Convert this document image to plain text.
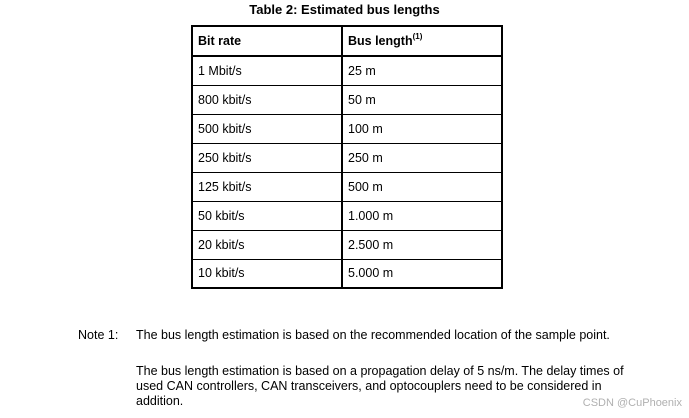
Table 2: Estimated bus lengths
Bit rate	Bus length$^{(1)}$
1 Mbit/s	25 m
800 kbit/s	50 m
500 kbit/s	100 m
250 kbit/s	250 m
125 kbit/s	500 m
50 kbit/s	1.000 m
20 kbit/s	2.500 m
10 kbit/s	5.000 m
Note 1: The bus length estimation is based on the recommended location of the sample point.

The bus length estimation is based on a propagation delay of 5 ns/m. The delay times of used CAN controllers, CAN transceivers, and optocouplers need to be considered in addition.	CSDN @CuPhoenix
